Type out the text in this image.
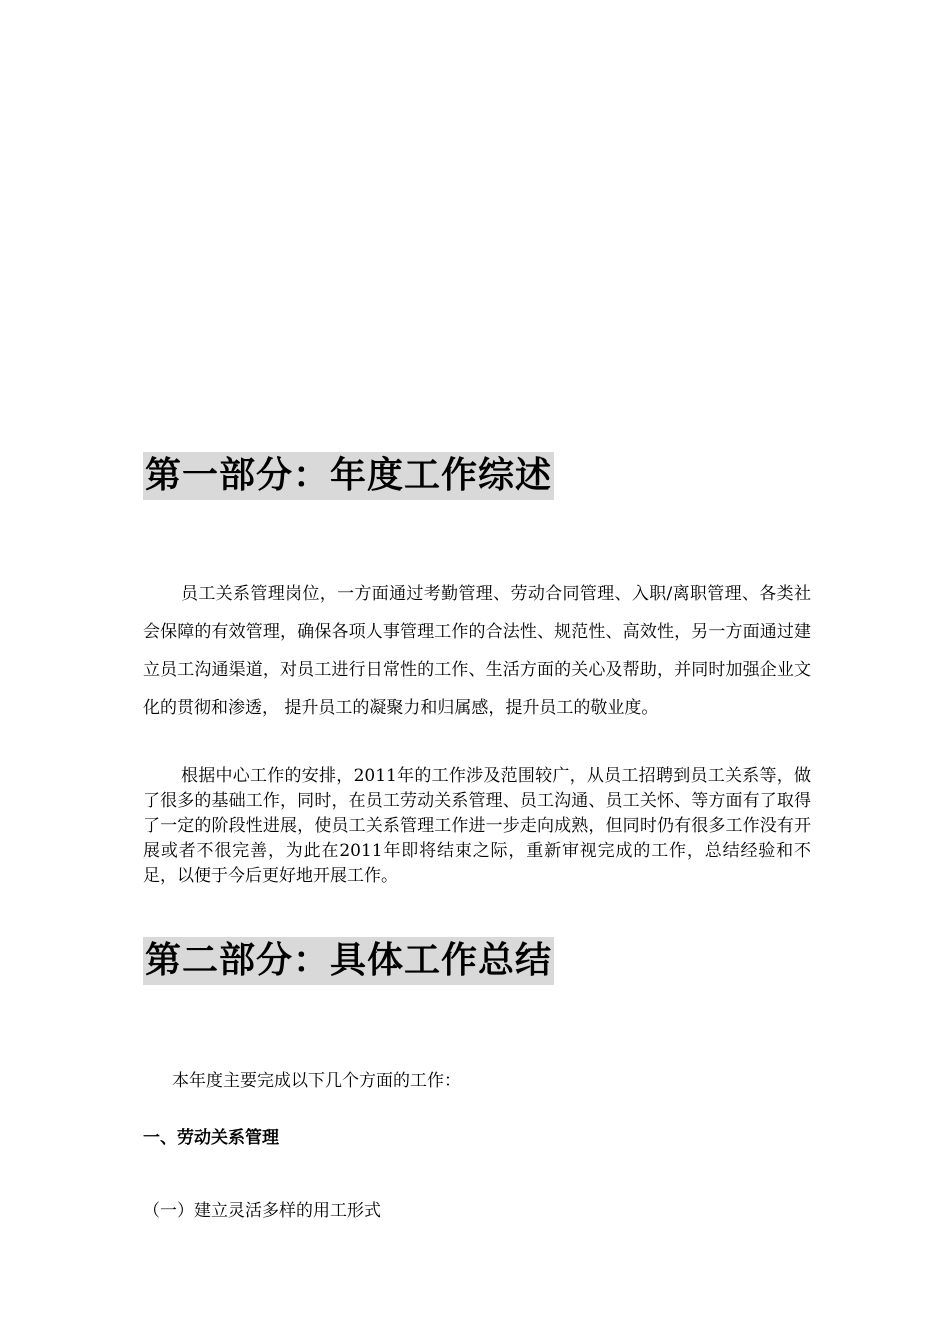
第一部分：年度工作综述

员工关系管理岗位，一方面通过考勤管理、劳动合同管理、入职/离职管理、各类社会保障的有效管理，确保各项人事管理工作的合法性、规范性、高效性，另一方面通过建立员工沟通渠道，对员工进行日常性的工作、生活方面的关心及帮助，并同时加强企业文化的贯彻和渗透， 提升员工的凝聚力和归属感，提升员工的敬业度。

根据中心工作的安排，2011年的工作涉及范围较广，从员工招聘到员工关系等，做了很多的基础工作，同时，在员工劳动关系管理、员工沟通、员工关怀、等方面有了取得了一定的阶段性进展，使员工关系管理工作进一步走向成熟，但同时仍有很多工作没有开展或者不很完善，为此在2011年即将结束之际，重新审视完成的工作，总结经验和不足，以便于今后更好地开展工作。

第二部分：具体工作总结

本年度主要完成以下几个方面的工作：

一、劳动关系管理

（一）建立灵活多样的用工形式
